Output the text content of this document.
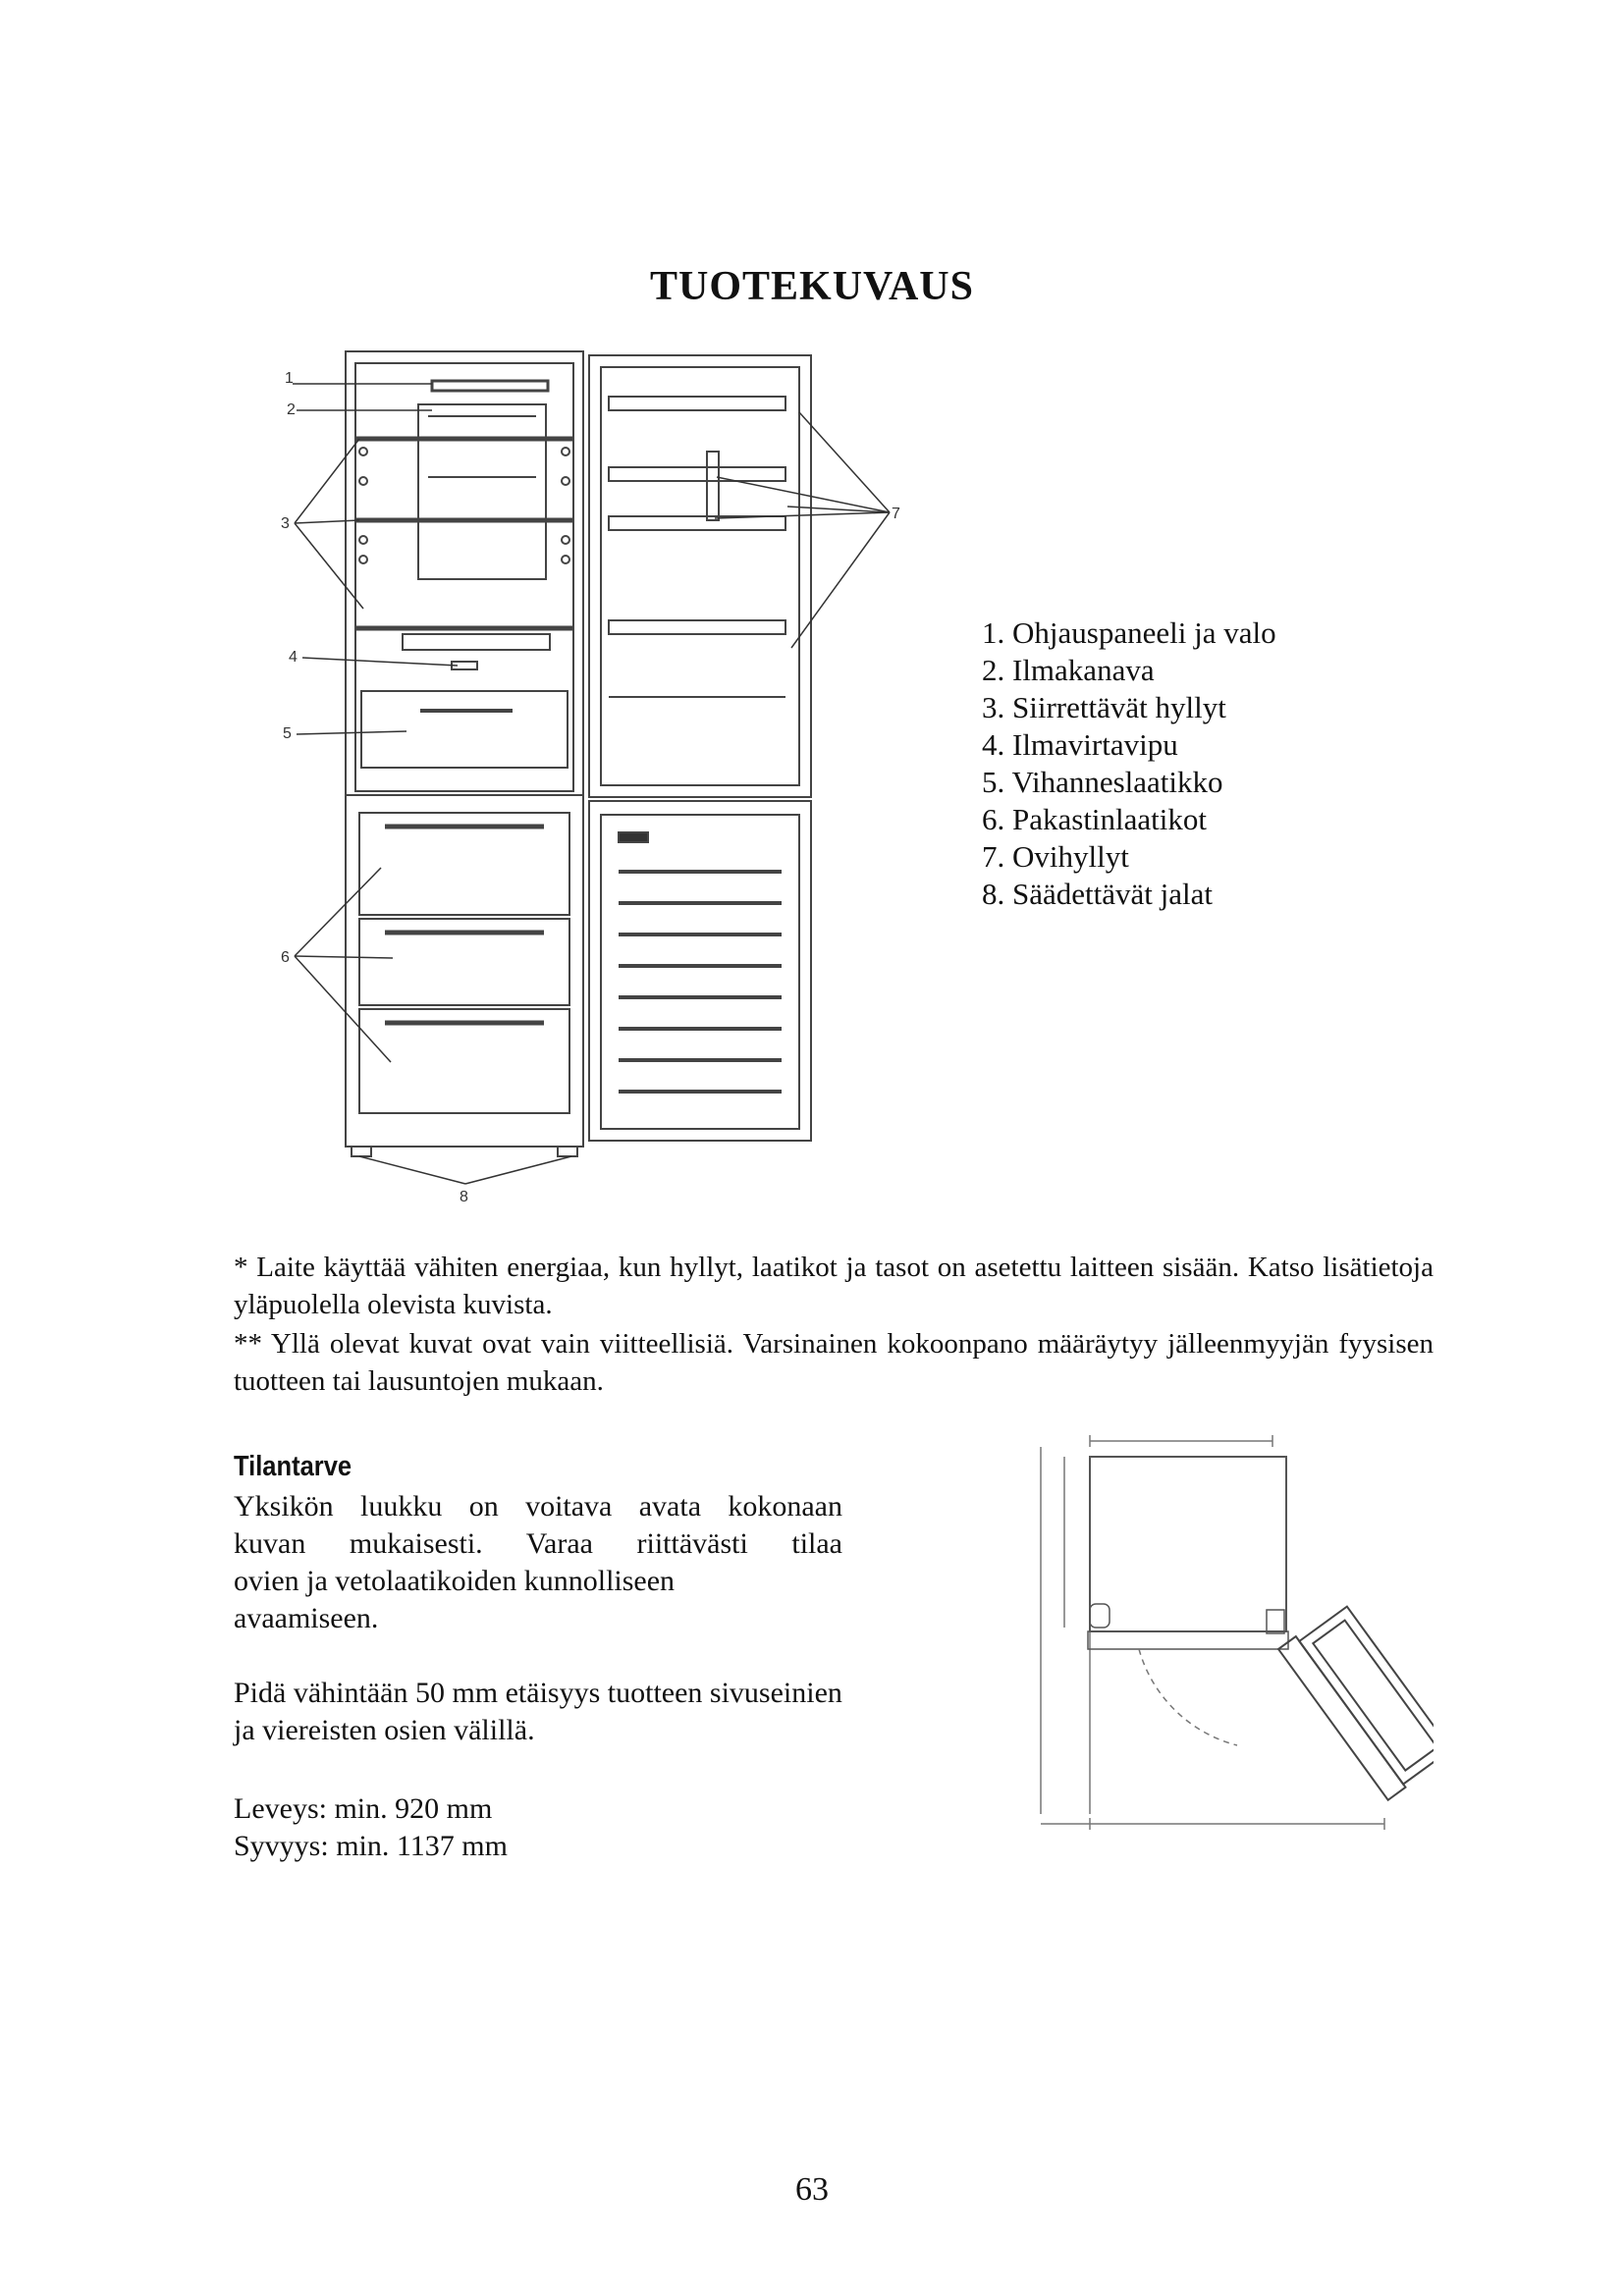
TUOTEKUVAUS
1
2
3
4
5
6
7
8
1. Ohjauspaneeli ja valo
2. Ilmakanava
3. Siirrettävät hyllyt
4. Ilmavirtavipu
5. Vihanneslaatikko
6. Pakastinlaatikot
7. Ovihyllyt
8. Säädettävät jalat

* Laite käyttää vähiten energiaa, kun hyllyt, laatikot ja tasot on asetettu laitteen sisään. Katso lisätietoja yläpuolella olevista kuvista.

** Yllä olevat kuvat ovat vain viitteellisiä. Varsinainen kokoonpano määräytyy jälleenmyyjän fyysisen tuotteen tai lausuntojen mukaan.

Tilantarve

Yksikön luukku on voitava avata kokonaan

kuvan mukaisesti. Varaa riittävästi tilaa

ovien ja vetolaatikoiden kunnolliseen

avaamiseen.

Pidä vähintään 50 mm etäisyys tuotteen sivuseinien ja viereisten osien välillä.
Leveys: min. 920 mm
Syvyys: min. 1137 mm
63
